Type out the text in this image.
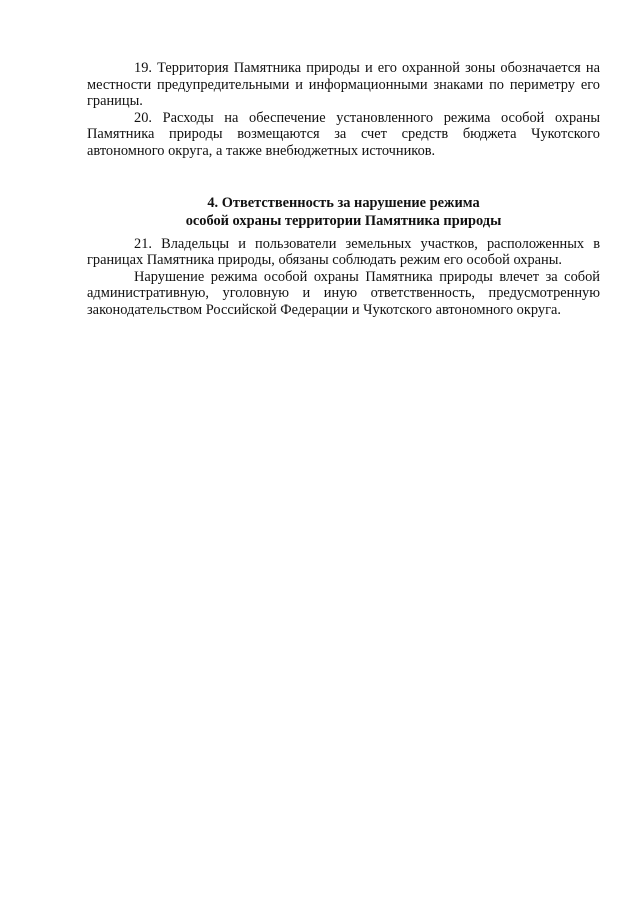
19. Территория Памятника природы и его охранной зоны обозначается на местности предупредительными и информационными знаками по периметру его границы.

20. Расходы на обеспечение установленного режима особой охраны Памятника природы возмещаются за счет средств бюджета Чукотского автономного округа, а также внебюджетных источников.

4. Ответственность за нарушение режима
особой охраны территории Памятника природы

21. Владельцы и пользователи земельных участков, расположенных в границах Памятника природы, обязаны соблюдать режим его особой охраны.

Нарушение режима особой охраны Памятника природы влечет за собой административную, уголовную и иную ответственность, предусмотренную законодательством Российской Федерации и Чукотского автономного округа.
